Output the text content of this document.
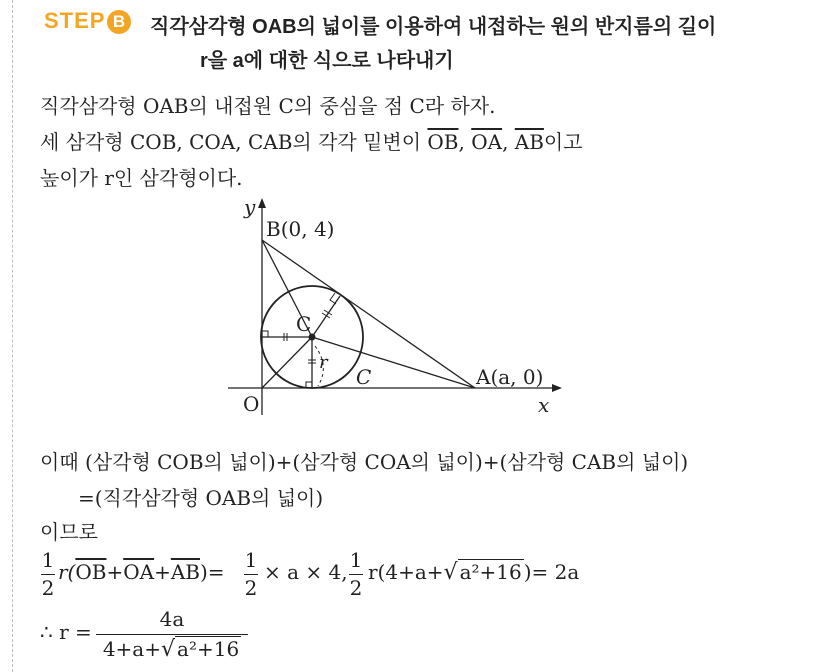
STEP B 직각삼각형 OAB의 넓이를 이용하여 내접하는 원의 반지름의 길이
r을 a에 대한 식으로 나타내기
직각삼각형 OAB의 내접원 C의 중심을 점 C라 하자.
세 삼각형 COB, COA, CAB의 각각 밑변이 $\overline{OB}$, $\overline{OA}$, $\overline{AB}$이고
높이가 r인 삼각형이다.
y
x
O
B(0, 4)
A(a, 0)
C
C
r
이때 (삼각형 COB의 넓이)+(삼각형 COA의 넓이)+(삼각형 CAB의 넓이)
=(직각삼각형 OAB의 넓이)
이므로
1
2
$r(\overline{OB}+\overline{OA}+\overline{AB})= 1$
2
× a × 4, 1
2
r(4+a+√ a²+16 )= 2a
∴ r =
4a
4+a+√ a²+16
